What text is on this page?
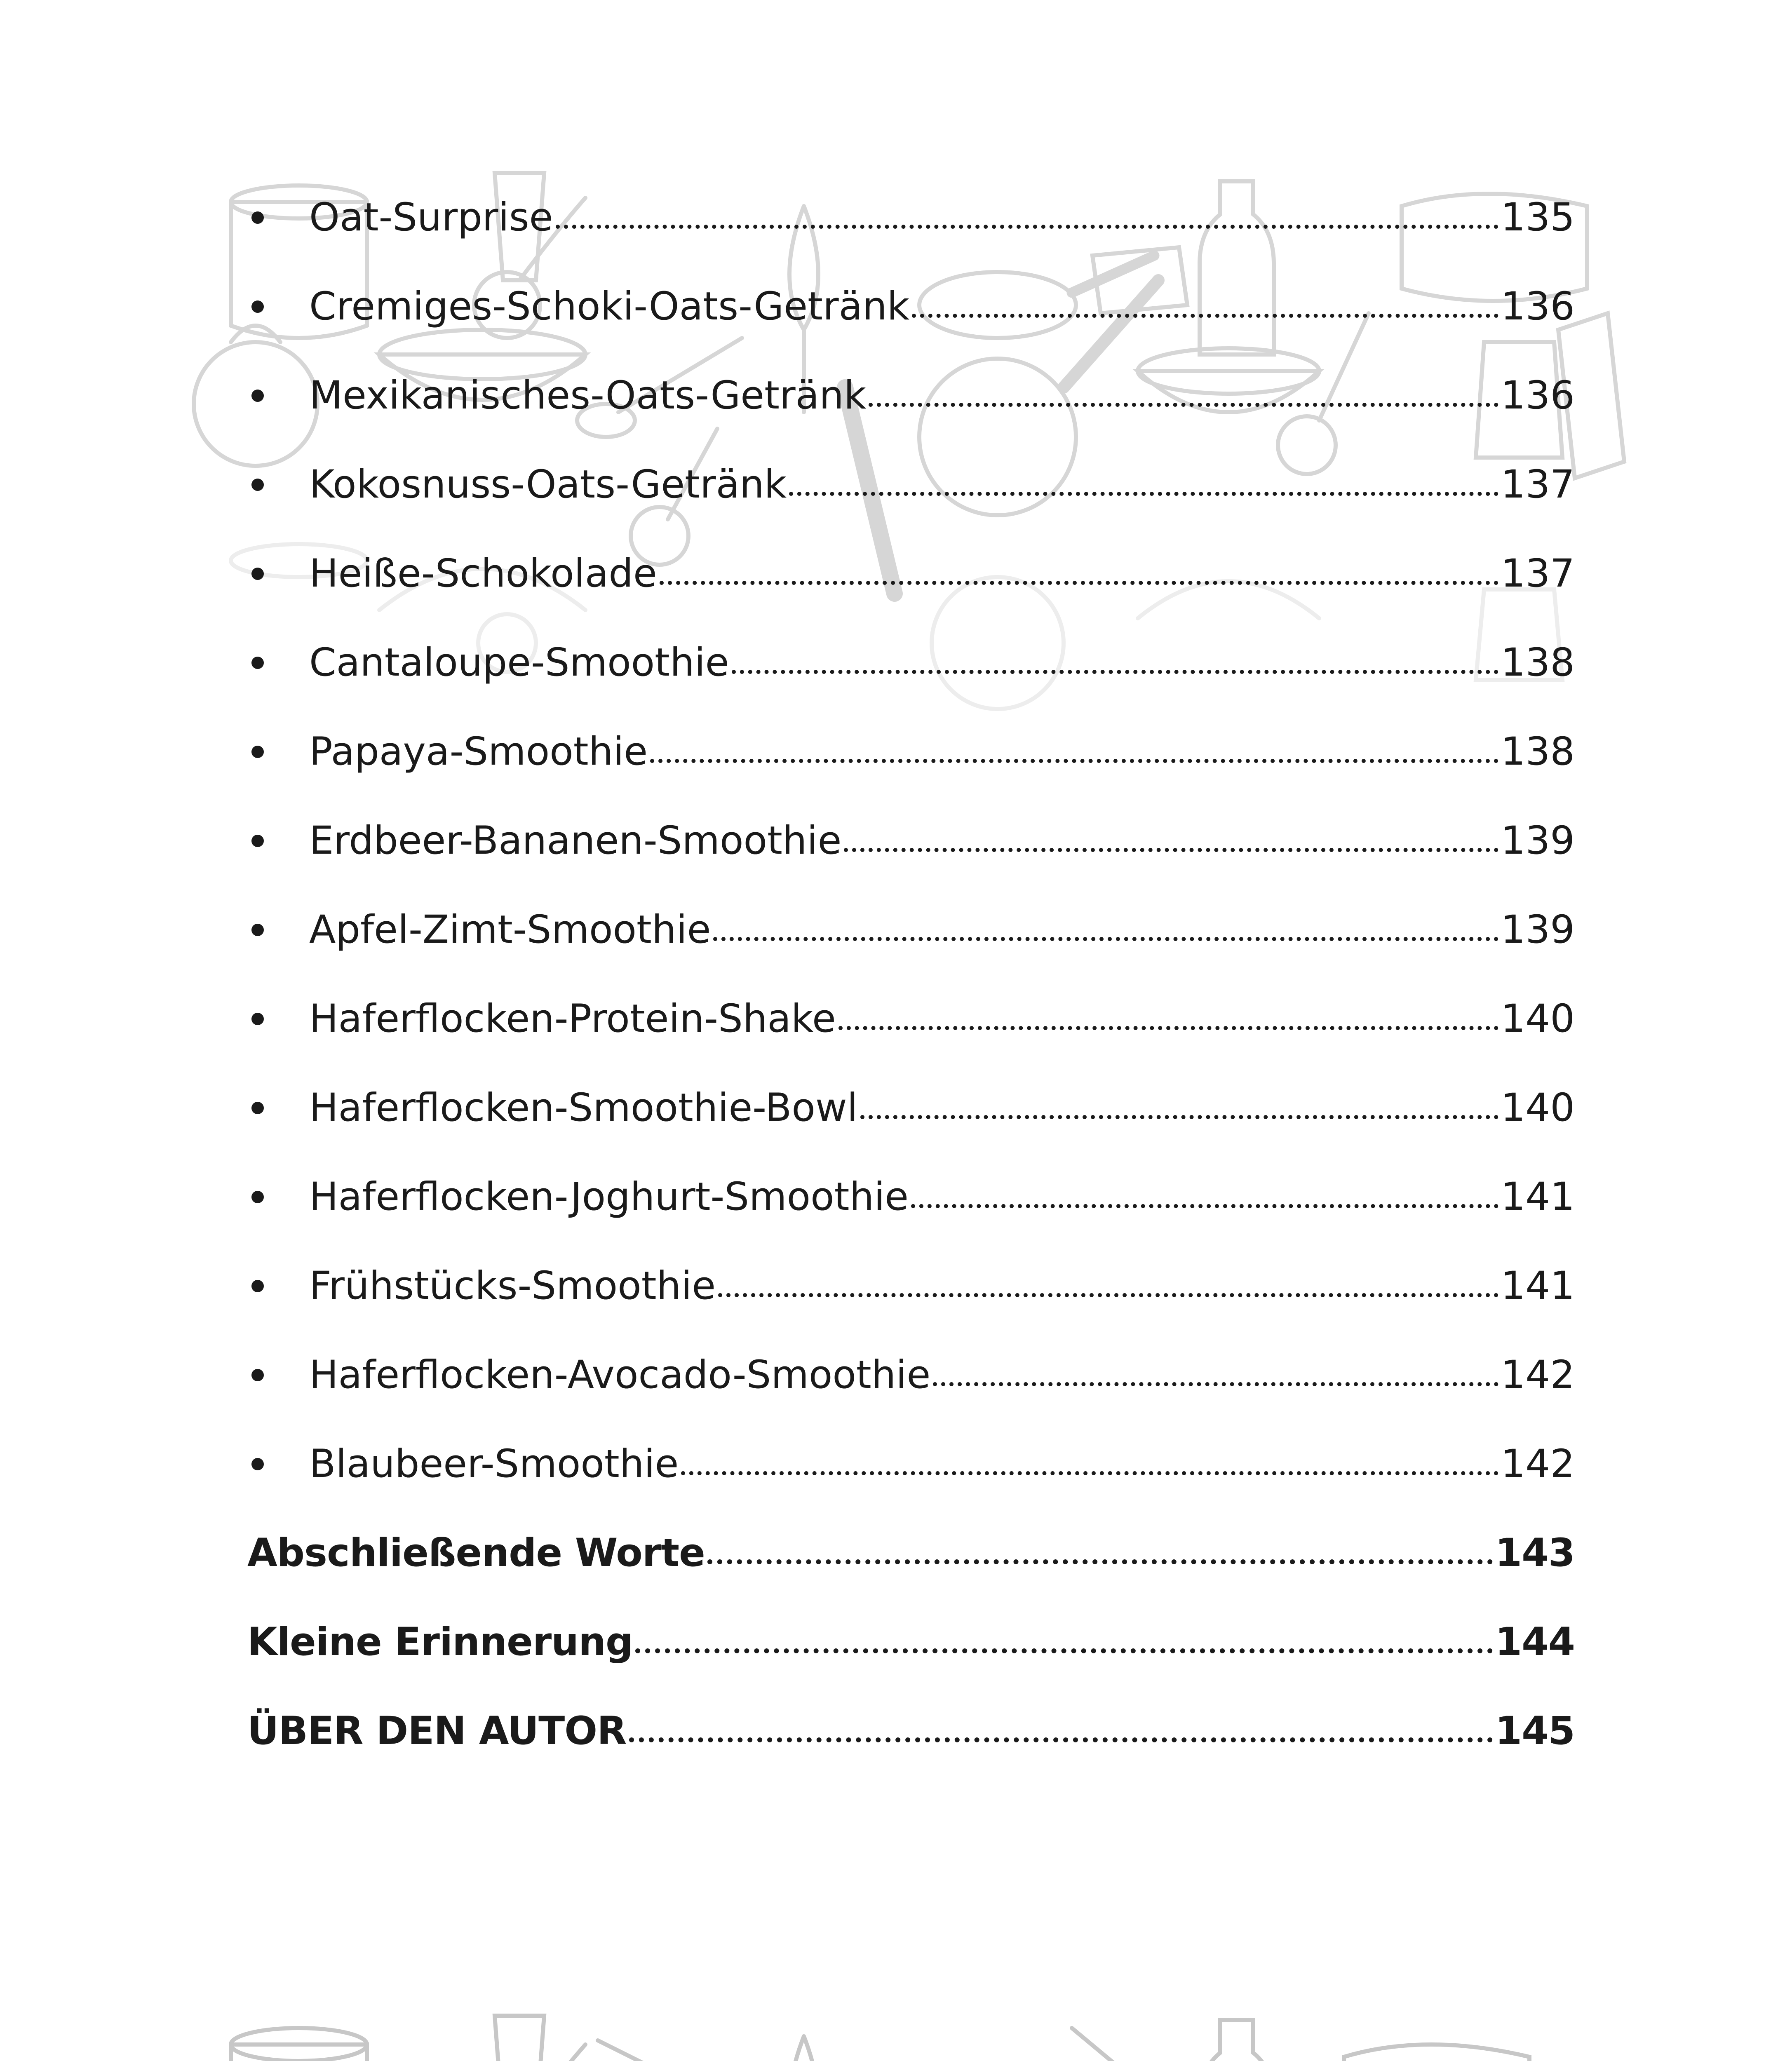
Oat-Surprise	135
Cremiges-Schoki-Oats-Getränk	136
Mexikanisches-Oats-Getränk	136
Kokosnuss-Oats-Getränk	137
Heiße-Schokolade	137
Cantaloupe-Smoothie	138
Papaya-Smoothie	138
Erdbeer-Bananen-Smoothie	139
Apfel-Zimt-Smoothie	139
Haferflocken-Protein-Shake	140
Haferflocken-Smoothie-Bowl	140
Haferflocken-Joghurt-Smoothie	141
Frühstücks-Smoothie	141
Haferflocken-Avocado-Smoothie	142
Blaubeer-Smoothie	142
Abschließende Worte	143
Kleine Erinnerung	144
ÜBER DEN AUTOR	145
